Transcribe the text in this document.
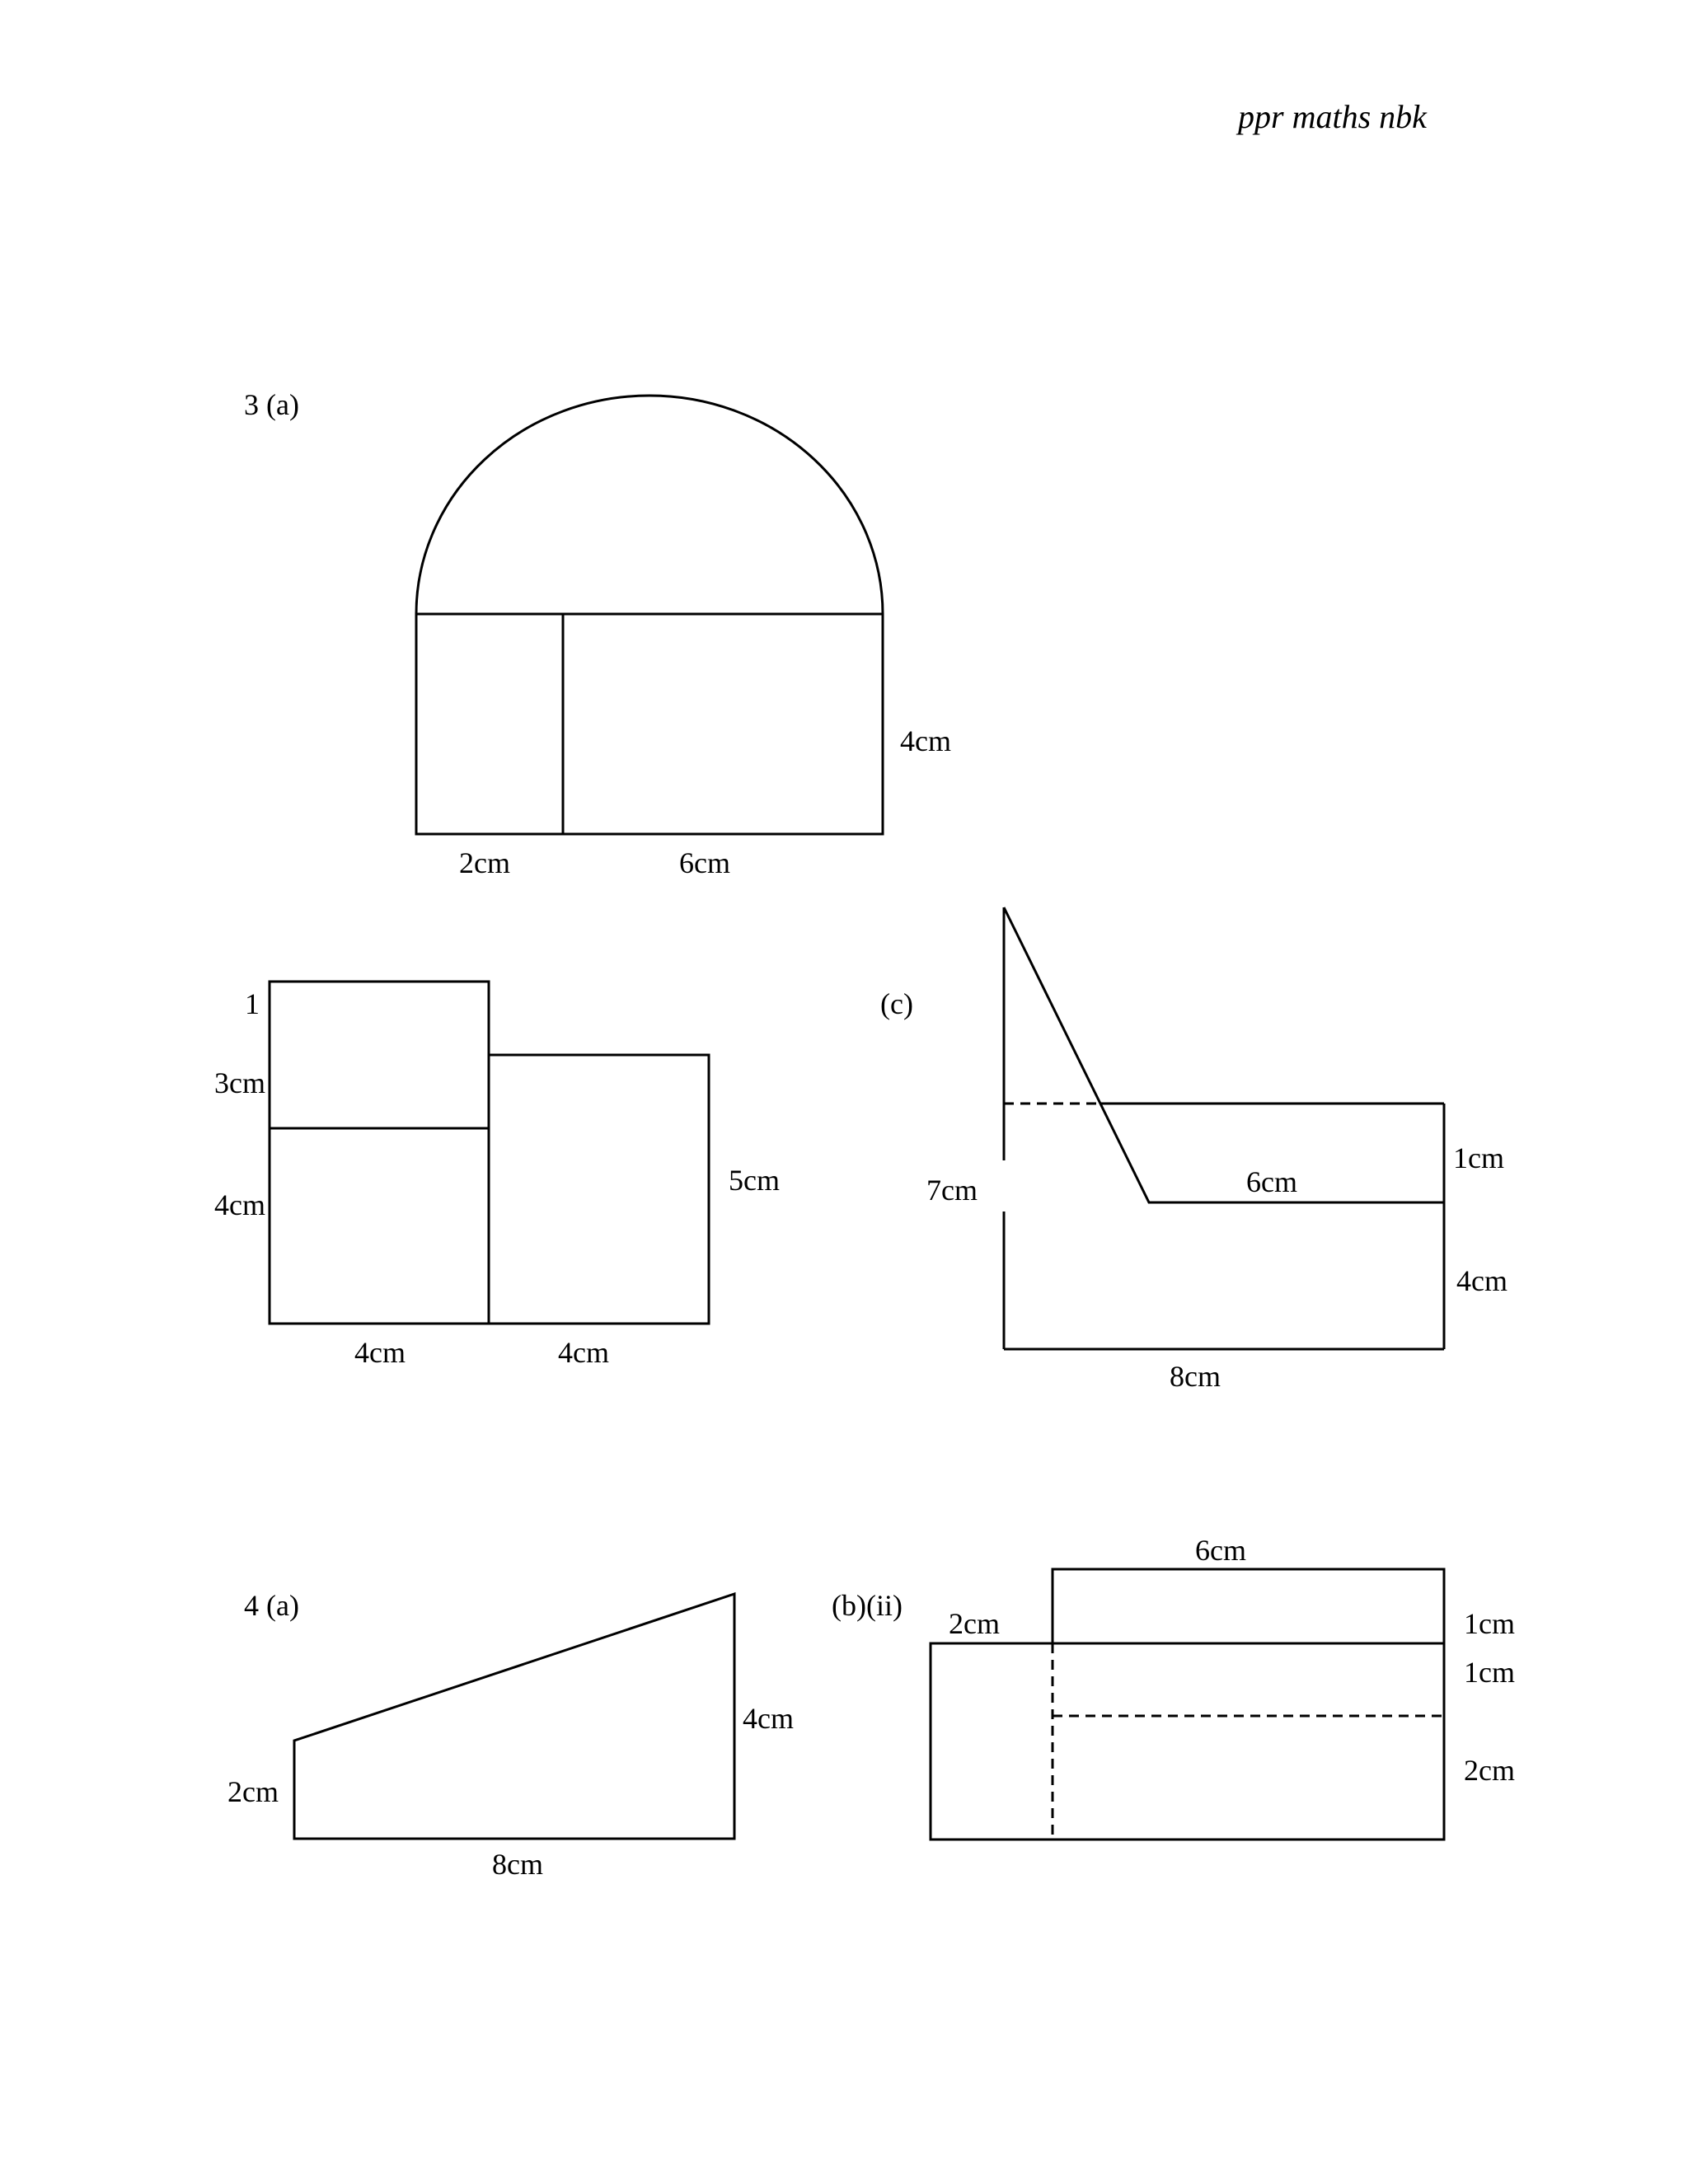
ppr maths nbk
3 (a)
4cm
2cm	6cm
1
3cm
4cm
5cm
4cm	4cm
(c)
7cm	6cm
1cm
4cm
8cm
4 (a)
2cm
4cm
8cm
(b)(ii)
6cm
2cm	1cm
1cm
2cm
